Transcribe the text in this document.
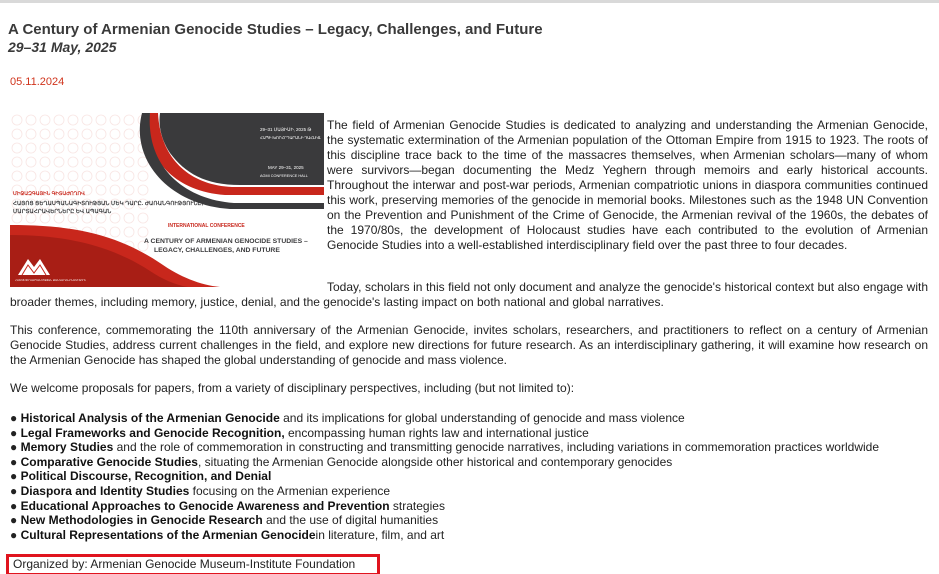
A Century of Armenian Genocide Studies – Legacy, Challenges, and Future
29–31 May, 2025
05.11.2024
29–31 ՄԱՅԻՍԻ, 2025 Թ
ՀԱՊԻ ԽՈՐՀՐԴԱՐԱՆԻ ԴԱՀԼԻՃ
MAY 29–31, 2025
AGMI CONFERENCE HALL
ՄԻՋԱԶԳԱՅԻՆ ԳԻՏԱԺՈՂՈՎ
ՀԱՅՈՑ ՑԵՂԱՍՊԱՆԱԳԻՏՈՒԹՅԱՆ ՄԵԿ ԴԱՐԸ. ԺԱՌԱՆԳՈՒԹՅՈՒՆԸ,
ՄԱՐՏԱՀՐԱՎԵՐՆԵՐԸ ԵՎ ԱՊԱԳԱՆ
INTERNATIONAL CONFERENCE
A CENTURY OF ARMENIAN GENOCIDE STUDIES –
LEGACY, CHALLENGES, AND FUTURE
ՀԱՅՈՑ ՑԵՂԱՍՊԱՆՈՒԹՅԱՆ ԹԱՆԳԱՐԱՆ-ԻՆՍՏԻՏՈՒՏ
The field of Armenian Genocide Studies is dedicated to analyzing and understanding the Armenian Genocide, the systematic extermination of the Armenian population of the Ottoman Empire from 1915 to 1923. The roots of this discipline trace back to the time of the massacres themselves, when Armenian scholars—many of whom were survivors—began documenting the Medz Yeghern through memoirs and early historical accounts. Throughout the interwar and post-war periods, Armenian compatriotic unions in diaspora communities continued this work, preserving memories of the genocide in memorial books. Milestones such as the 1948 UN Convention on the Prevention and Punishment of the Crime of Genocide, the Armenian revival of the 1960s, the debates of the 1970/80s, the development of Holocaust studies have each contributed to the evolution of Armenian Genocide Studies into a well-established interdisciplinary field over the past three to four decades.
Today, scholars in this field not only document and analyze the genocide's historical context but also engage with broader themes, including memory, justice, denial, and the genocide's lasting impact on both national and global narratives.
This conference, commemorating the 110th anniversary of the Armenian Genocide, invites scholars, researchers, and practitioners to reflect on a century of Armenian Genocide Studies, address current challenges in the field, and explore new directions for future research. As an interdisciplinary gathering, it will examine how research on the Armenian Genocide has shaped the global understanding of genocide and mass violence.
We welcome proposals for papers, from a variety of disciplinary perspectives, including (but not limited to):
● Historical Analysis of the Armenian Genocide and its implications for global understanding of genocide and mass violence
● Legal Frameworks and Genocide Recognition, encompassing human rights law and international justice
● Memory Studies and the role of commemoration in constructing and transmitting genocide narratives, including variations in commemoration practices worldwide
● Comparative Genocide Studies, situating the Armenian Genocide alongside other historical and contemporary genocides
● Political Discourse, Recognition, and Denial
● Diaspora and Identity Studies focusing on the Armenian experience
● Educational Approaches to Genocide Awareness and Prevention strategies
● New Methodologies in Genocide Research and the use of digital humanities
● Cultural Representations of the Armenian Genocidein literature, film, and art
Organized by: Armenian Genocide Museum-Institute Foundation
